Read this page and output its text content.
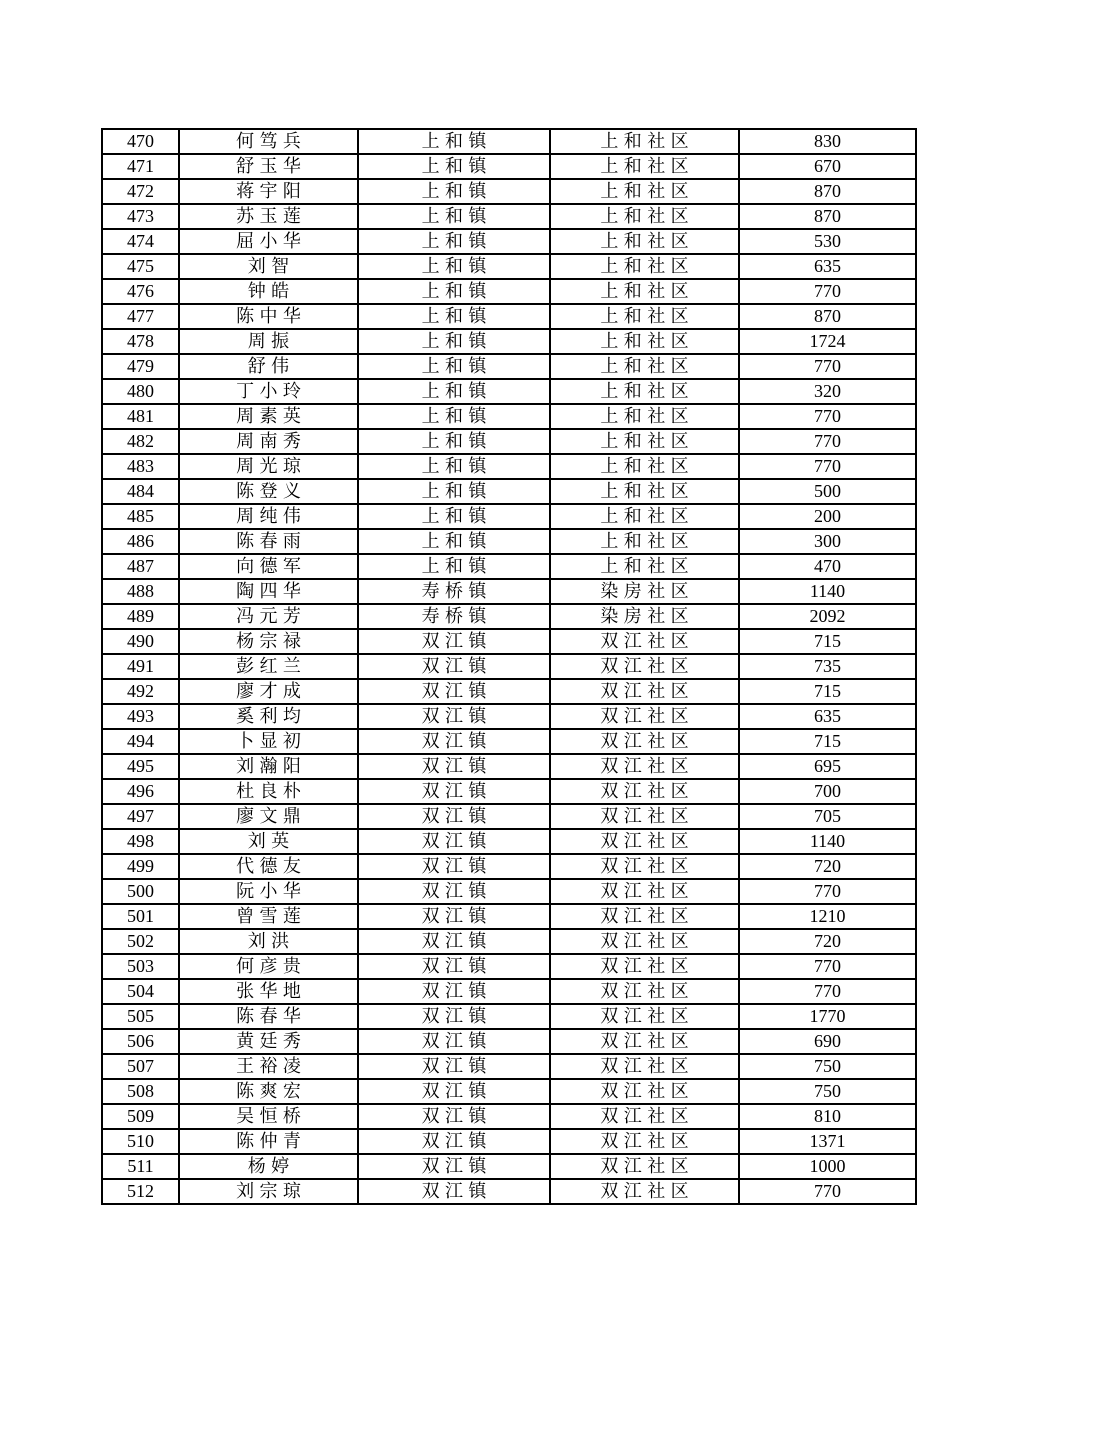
470	何笃兵	上和镇	上和社区	830
471	舒玉华	上和镇	上和社区	670
472	蒋宇阳	上和镇	上和社区	870
473	苏玉莲	上和镇	上和社区	870
474	屈小华	上和镇	上和社区	530
475	刘智	上和镇	上和社区	635
476	钟皓	上和镇	上和社区	770
477	陈中华	上和镇	上和社区	870
478	周振	上和镇	上和社区	1724
479	舒伟	上和镇	上和社区	770
480	丁小玲	上和镇	上和社区	320
481	周素英	上和镇	上和社区	770
482	周南秀	上和镇	上和社区	770
483	周光琼	上和镇	上和社区	770
484	陈登义	上和镇	上和社区	500
485	周纯伟	上和镇	上和社区	200
486	陈春雨	上和镇	上和社区	300
487	向德军	上和镇	上和社区	470
488	陶四华	寿桥镇	染房社区	1140
489	冯元芳	寿桥镇	染房社区	2092
490	杨宗禄	双江镇	双江社区	715
491	彭红兰	双江镇	双江社区	735
492	廖才成	双江镇	双江社区	715
493	奚利均	双江镇	双江社区	635
494	卜显初	双江镇	双江社区	715
495	刘瀚阳	双江镇	双江社区	695
496	杜良朴	双江镇	双江社区	700
497	廖文鼎	双江镇	双江社区	705
498	刘英	双江镇	双江社区	1140
499	代德友	双江镇	双江社区	720
500	阮小华	双江镇	双江社区	770
501	曾雪莲	双江镇	双江社区	1210
502	刘洪	双江镇	双江社区	720
503	何彦贵	双江镇	双江社区	770
504	张华地	双江镇	双江社区	770
505	陈春华	双江镇	双江社区	1770
506	黄廷秀	双江镇	双江社区	690
507	王裕凌	双江镇	双江社区	750
508	陈爽宏	双江镇	双江社区	750
509	吴恒桥	双江镇	双江社区	810
510	陈仲青	双江镇	双江社区	1371
511	杨婷	双江镇	双江社区	1000
512	刘宗琼	双江镇	双江社区	770
